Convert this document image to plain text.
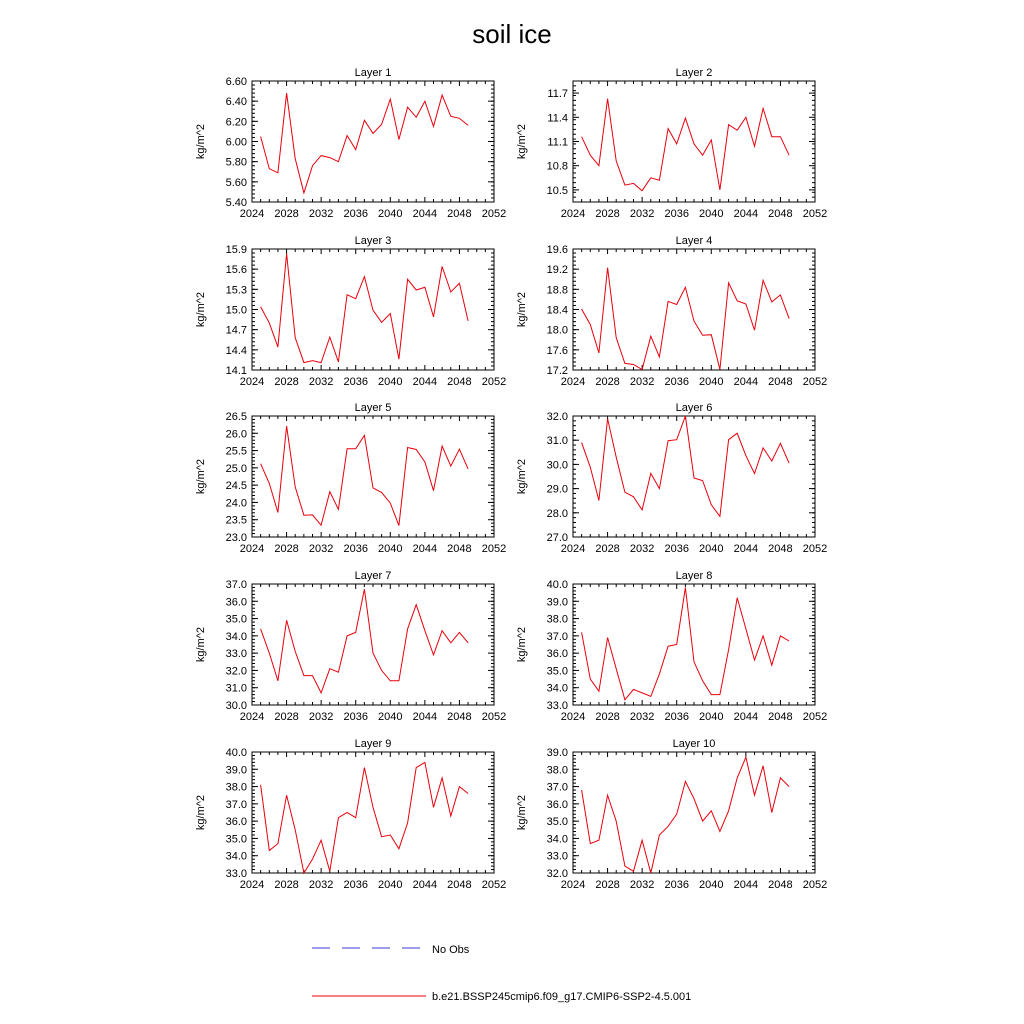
soil ice
Layer 1
kg/m^2
2024 2028 2032 2036 2040 2044 2048 2052
5.40
5.60
5.80
6.00
6.20
6.40
6.60
Layer 2
kg/m^2
2024 2028 2032 2036 2040 2044 2048 2052
10.5
10.8
11.1
11.4
11.7
Layer 3
kg/m^2
2024 2028 2032 2036 2040 2044 2048 2052
14.1
14.4
14.7
15.0
15.3
15.6
15.9
Layer 4
kg/m^2
2024 2028 2032 2036 2040 2044 2048 2052
17.2
17.6
18.0
18.4
18.8
19.2
19.6
Layer 5
kg/m^2
2024 2028 2032 2036 2040 2044 2048 2052
23.0
23.5
24.0
24.5
25.0
25.5
26.0
26.5
Layer 6
kg/m^2
2024 2028 2032 2036 2040 2044 2048 2052
27.0
28.0
29.0
30.0
31.0
32.0
Layer 7
kg/m^2
2024 2028 2032 2036 2040 2044 2048 2052
30.0
31.0
32.0
33.0
34.0
35.0
36.0
37.0
Layer 8
kg/m^2
2024 2028 2032 2036 2040 2044 2048 2052
33.0
34.0
35.0
36.0
37.0
38.0
39.0
40.0
Layer 9
kg/m^2
2024 2028 2032 2036 2040 2044 2048 2052
33.0
34.0
35.0
36.0
37.0
38.0
39.0
40.0
Layer 10
kg/m^2
2024 2028 2032 2036 2040 2044 2048 2052
32.0
33.0
34.0
35.0
36.0
37.0
38.0
39.0
No Obs
b.e21.BSSP245cmip6.f09_g17.CMIP6-SSP2-4.5.001
